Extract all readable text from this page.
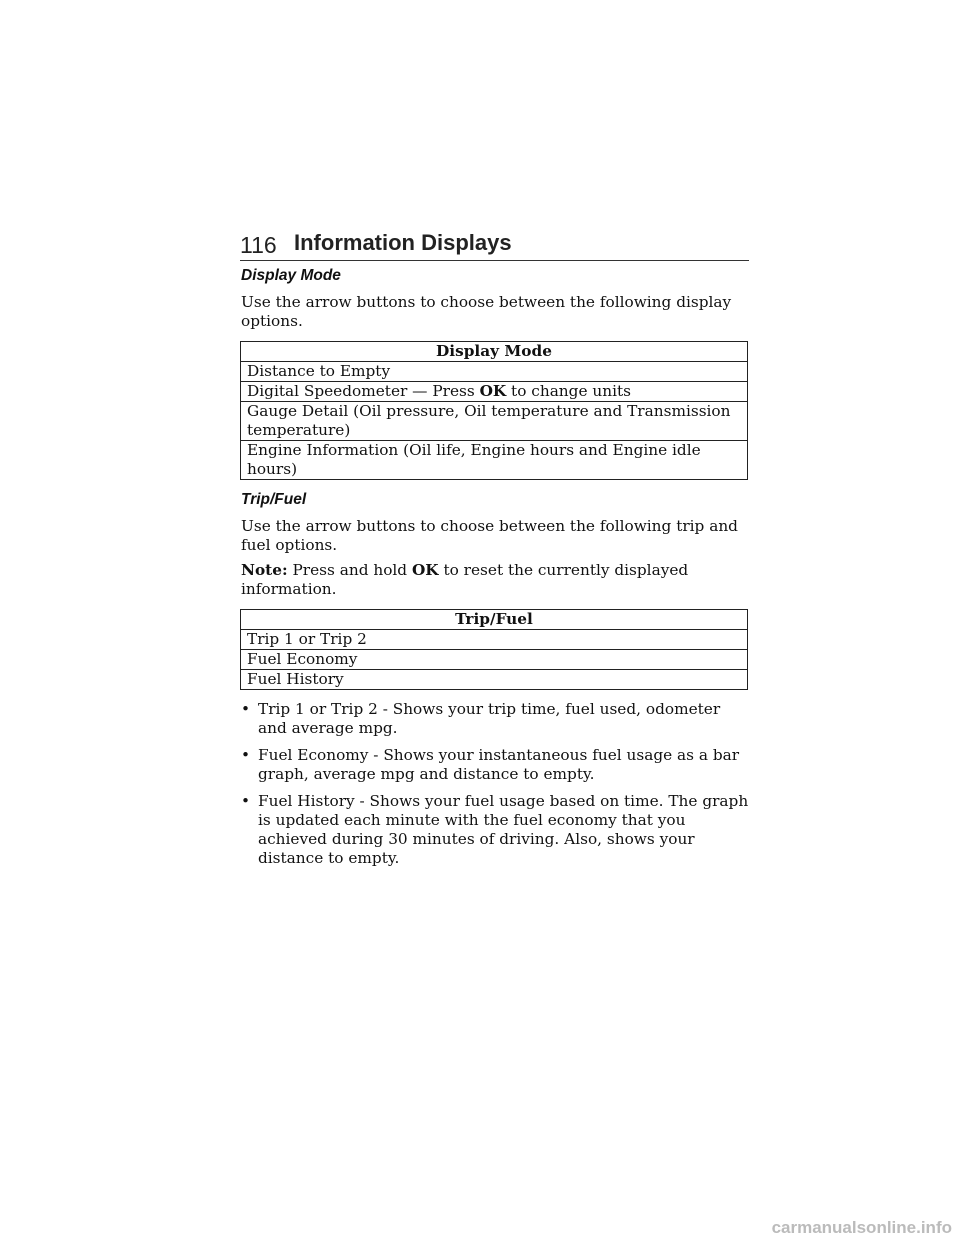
116 Information Displays
Display Mode

Use the arrow buttons to choose between the following display options.

Display Mode
Distance to Empty
Digital Speedometer — Press OK to change units
Gauge Detail (Oil pressure, Oil temperature and Transmission temperature)
Engine Information (Oil life, Engine hours and Engine idle hours)
Trip/Fuel

Use the arrow buttons to choose between the following trip and fuel options.

Note: Press and hold OK to reset the currently displayed information.

Trip/Fuel
Trip 1 or Trip 2
Fuel Economy
Fuel History
• Trip 1 or Trip 2 - Shows your trip time, fuel used, odometer and average mpg.
• Fuel Economy - Shows your instantaneous fuel usage as a bar graph, average mpg and distance to empty.
• Fuel History - Shows your fuel usage based on time. The graph is updated each minute with the fuel economy that you achieved during 30 minutes of driving. Also, shows your distance to empty.
carmanualsonline.info
